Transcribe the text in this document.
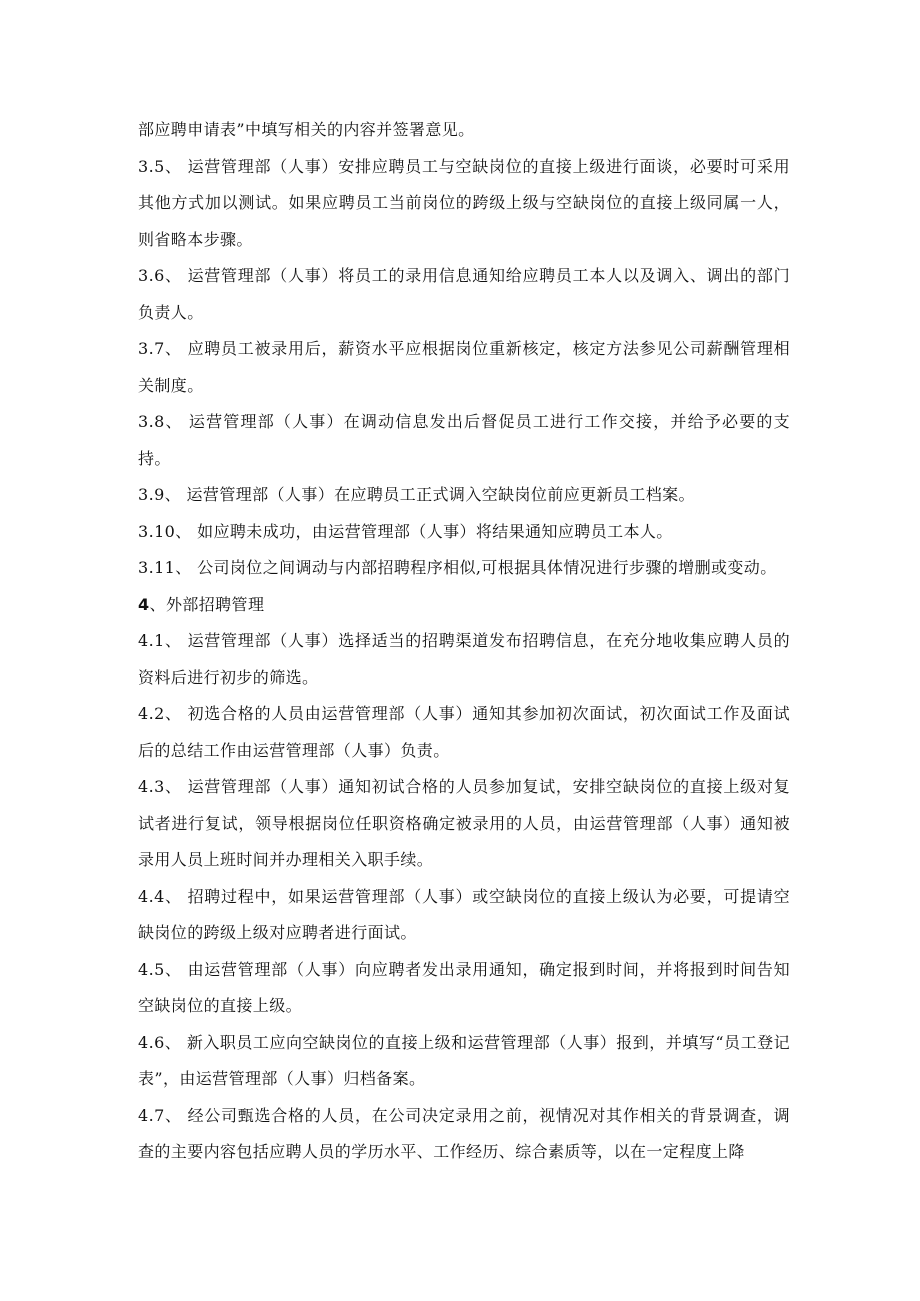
部应聘申请表”中填写相关的内容并签署意见。

3.5、 运营管理部（人事）安排应聘员工与空缺岗位的直接上级进行面谈，必要时可采用其他方式加以测试。如果应聘员工当前岗位的跨级上级与空缺岗位的直接上级同属一人，则省略本步骤。

3.6、 运营管理部（人事）将员工的录用信息通知给应聘员工本人以及调入、调出的部门负责人。

3.7、 应聘员工被录用后，薪资水平应根据岗位重新核定，核定方法参见公司薪酬管理相关制度。

3.8、 运营管理部（人事）在调动信息发出后督促员工进行工作交接，并给予必要的支持。

3.9、 运营管理部（人事）在应聘员工正式调入空缺岗位前应更新员工档案。

3.10、 如应聘未成功，由运营管理部（人事）将结果通知应聘员工本人。

3.11、 公司岗位之间调动与内部招聘程序相似,可根据具体情况进行步骤的增删或变动。

4、外部招聘管理

4.1、 运营管理部（人事）选择适当的招聘渠道发布招聘信息，在充分地收集应聘人员的资料后进行初步的筛选。

4.2、 初选合格的人员由运营管理部（人事）通知其参加初次面试，初次面试工作及面试后的总结工作由运营管理部（人事）负责。

4.3、 运营管理部（人事）通知初试合格的人员参加复试，安排空缺岗位的直接上级对复试者进行复试，领导根据岗位任职资格确定被录用的人员，由运营管理部（人事）通知被录用人员上班时间并办理相关入职手续。

4.4、 招聘过程中，如果运营管理部（人事）或空缺岗位的直接上级认为必要，可提请空缺岗位的跨级上级对应聘者进行面试。

4.5、 由运营管理部（人事）向应聘者发出录用通知，确定报到时间，并将报到时间告知空缺岗位的直接上级。

4.6、 新入职员工应向空缺岗位的直接上级和运营管理部（人事）报到，并填写“员工登记表”，由运营管理部（人事）归档备案。

4.7、 经公司甄选合格的人员，在公司决定录用之前，视情况对其作相关的背景调查，调查的主要内容包括应聘人员的学历水平、工作经历、综合素质等，以在一定程度上降
